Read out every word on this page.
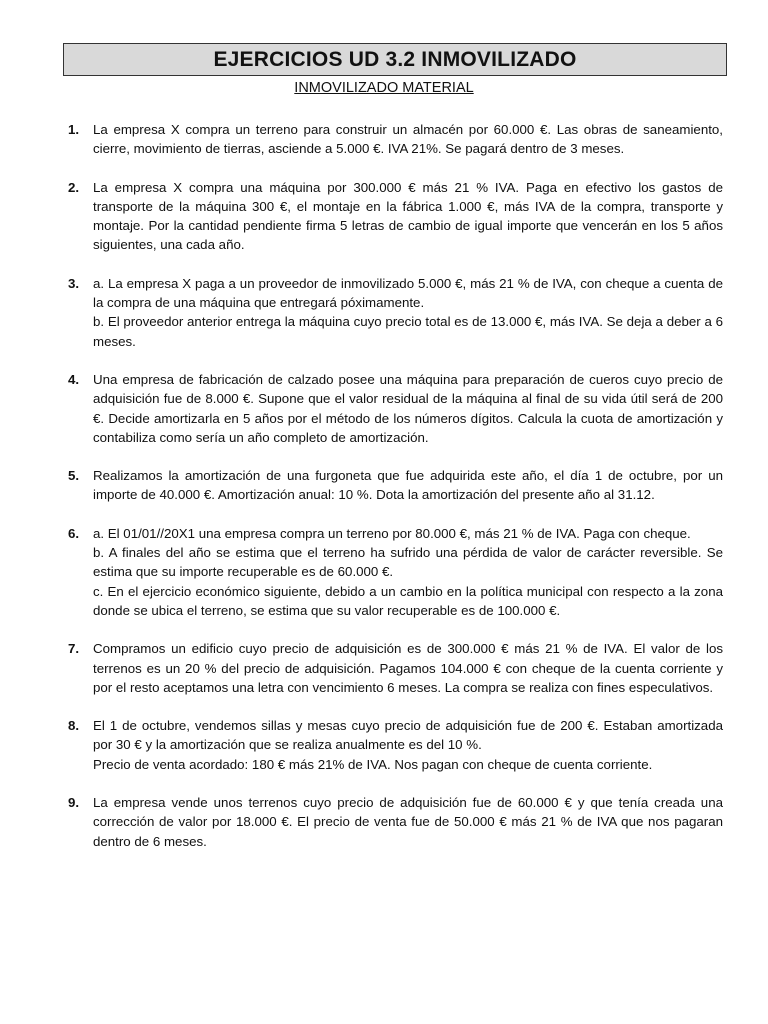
EJERCICIOS UD 3.2 INMOVILIZADO
INMOVILIZADO MATERIAL
1.	La empresa X compra un terreno para construir un almacén por 60.000 €. Las obras de saneamiento, cierre, movimiento de tierras, asciende a 5.000 €. IVA 21%. Se pagará dentro de 3 meses.

2.	La empresa X compra una máquina por 300.000 € más 21 % IVA. Paga en efectivo los gastos de transporte de la máquina 300 €, el montaje en la fábrica 1.000 €, más IVA de la compra, transporte y montaje. Por la cantidad pendiente firma 5 letras de cambio de igual importe que vencerán en los 5 años siguientes, una cada año.

3.	a. La empresa X paga a un proveedor de inmovilizado 5.000 €, más 21 % de IVA, con cheque a cuenta de la compra de una máquina que entregará póximamente.

b. El proveedor anterior entrega la máquina cuyo precio total es de 13.000 €, más IVA. Se deja a deber a 6 meses.

4.	Una empresa de fabricación de calzado posee una máquina para preparación de cueros cuyo precio de adquisición fue de 8.000 €. Supone que el valor residual de la máquina al final de su vida útil será de 200 €. Decide amortizarla en 5 años por el método de los números dígitos. Calcula la cuota de amortización y contabiliza como sería un año completo de amortización.

5.	Realizamos la amortización de una furgoneta que fue adquirida este año, el día 1 de octubre, por un importe de 40.000 €. Amortización anual: 10 %. Dota la amortización del presente año al 31.12.

6.	a. El 01/01//20X1 una empresa compra un terreno por 80.000 €, más 21 % de IVA. Paga con cheque.

b. A finales del año se estima que el terreno ha sufrido una pérdida de valor de carácter reversible. Se estima que su importe recuperable es de 60.000 €.

c. En el ejercicio económico siguiente, debido a un cambio en la política municipal con respecto a la zona donde se ubica el terreno, se estima que su valor recuperable es de 100.000 €.

7.	Compramos un edificio cuyo precio de adquisición es de 300.000 € más 21 % de IVA. El valor de los terrenos es un 20 % del precio de adquisición. Pagamos 104.000 € con cheque de la cuenta corriente y por el resto aceptamos una letra con vencimiento 6 meses. La compra se realiza con fines especulativos.

8.	El 1 de octubre, vendemos sillas y mesas cuyo precio de adquisición fue de 200 €. Estaban amortizada por 30 € y la amortización que se realiza anualmente es del 10 %.

Precio de venta acordado: 180 € más 21% de IVA. Nos pagan con cheque de cuenta corriente.

9.	La empresa vende unos terrenos cuyo precio de adquisición fue de 60.000 € y que tenía creada una corrección de valor por 18.000 €. El precio de venta fue de 50.000 € más 21 % de IVA que nos pagaran dentro de 6 meses.
